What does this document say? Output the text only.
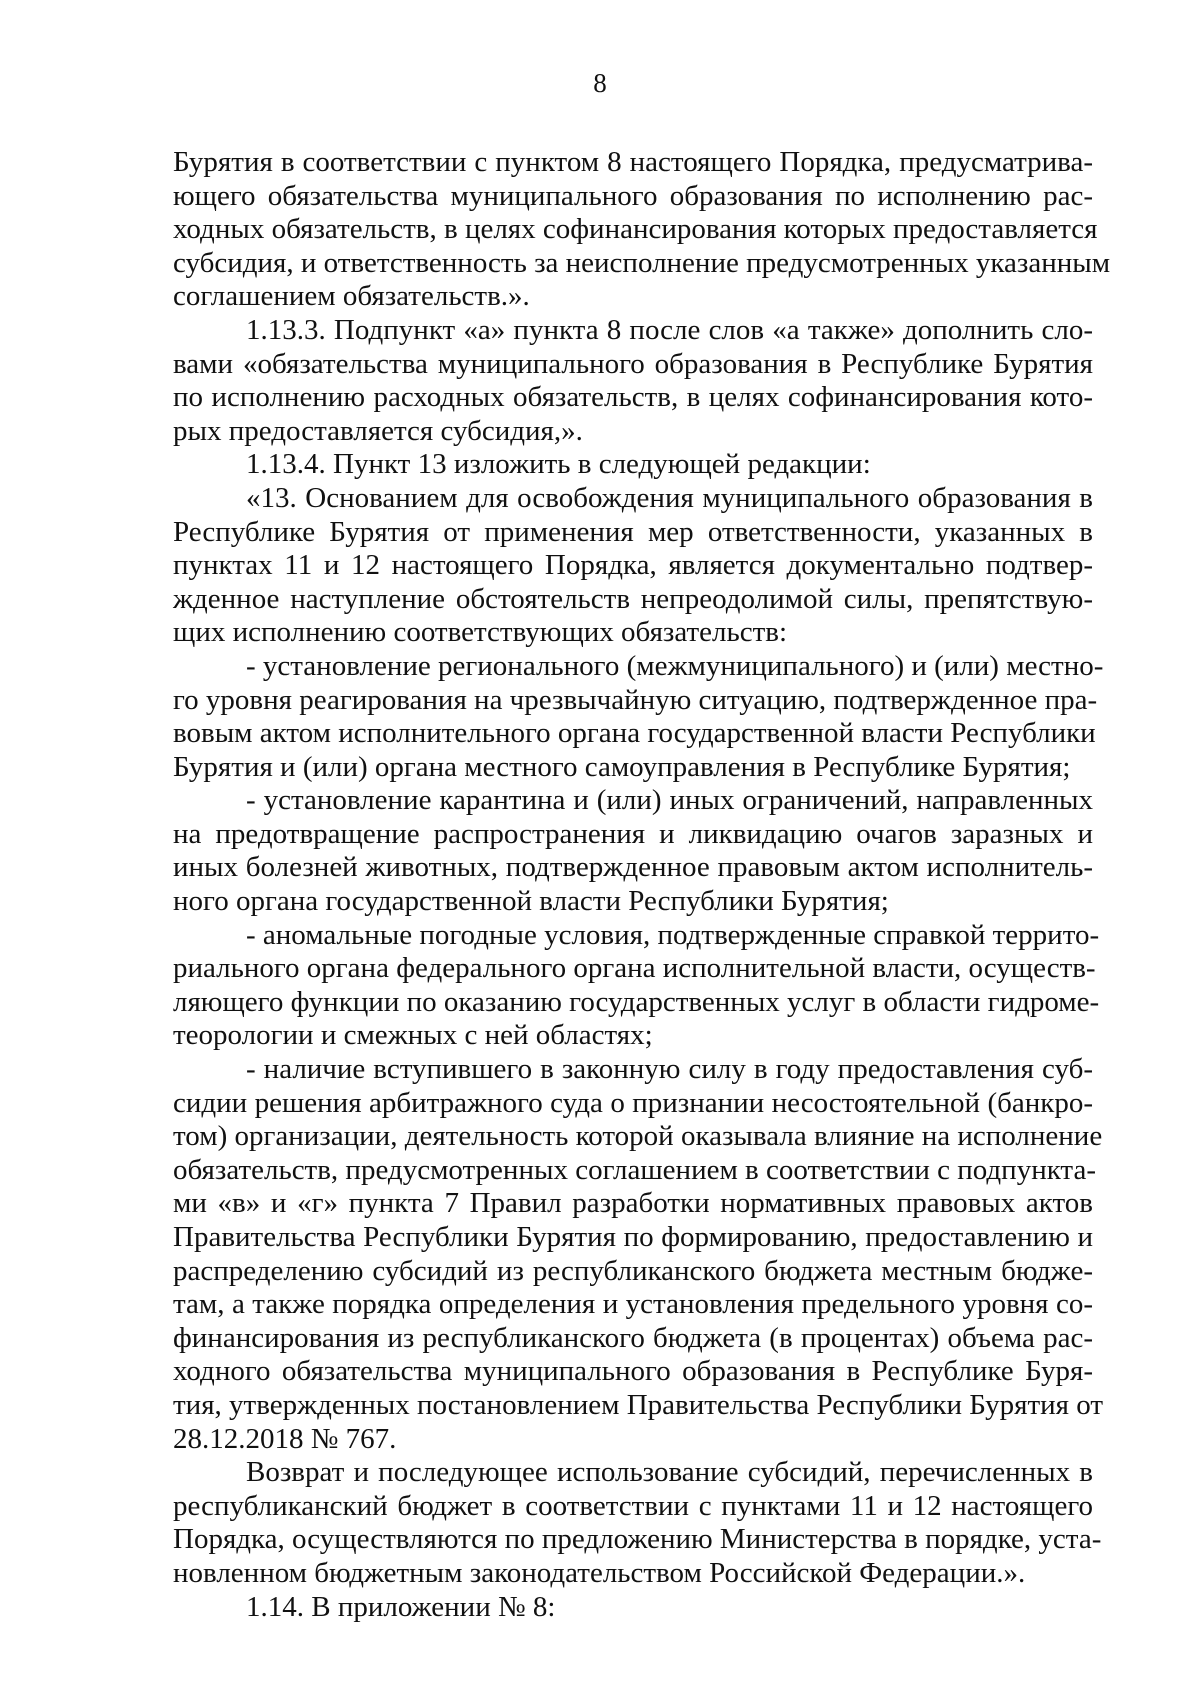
8
Бурятия в соответствии с пунктом 8 настоящего Порядка, предусматрива-
ющего обязательства муниципального образования по исполнению рас-
ходных обязательств, в целях софинансирования которых предоставляется
субсидия, и ответственность за неисполнение предусмотренных указанным
соглашением обязательств.».
1.13.3. Подпункт «а» пункта 8 после слов «а также» дополнить сло-
вами «обязательства муниципального образования в Республике Бурятия
по исполнению расходных обязательств, в целях софинансирования кото-
рых предоставляется субсидия,».
1.13.4. Пункт 13 изложить в следующей редакции:
«13. Основанием для освобождения муниципального образования в
Республике Бурятия от применения мер ответственности, указанных в
пунктах 11 и 12 настоящего Порядка, является документально подтвер-
жденное наступление обстоятельств непреодолимой силы, препятствую-
щих исполнению соответствующих обязательств:
- установление регионального (межмуниципального) и (или) местно-
го уровня реагирования на чрезвычайную ситуацию, подтвержденное пра-
вовым актом исполнительного органа государственной власти Республики
Бурятия и (или) органа местного самоуправления в Республике Бурятия;
- установление карантина и (или) иных ограничений, направленных
на предотвращение распространения и ликвидацию очагов заразных и
иных болезней животных, подтвержденное правовым актом исполнитель-
ного органа государственной власти Республики Бурятия;
- аномальные погодные условия, подтвержденные справкой террито-
риального органа федерального органа исполнительной власти, осуществ-
ляющего функции по оказанию государственных услуг в области гидроме-
теорологии и смежных с ней областях;
- наличие вступившего в законную силу в году предоставления суб-
сидии решения арбитражного суда о признании несостоятельной (банкро-
том) организации, деятельность которой оказывала влияние на исполнение
обязательств, предусмотренных соглашением в соответствии с подпункта-
ми «в» и «г» пункта 7 Правил разработки нормативных правовых актов
Правительства Республики Бурятия по формированию, предоставлению и
распределению субсидий из республиканского бюджета местным бюдже-
там, а также порядка определения и установления предельного уровня со-
финансирования из республиканского бюджета (в процентах) объема рас-
ходного обязательства муниципального образования в Республике Буря-
тия, утвержденных постановлением Правительства Республики Бурятия от
28.12.2018 № 767.
Возврат и последующее использование субсидий, перечисленных в
республиканский бюджет в соответствии с пунктами 11 и 12 настоящего
Порядка, осуществляются по предложению Министерства в порядке, уста-
новленном бюджетным законодательством Российской Федерации.».
1.14. В приложении № 8:
